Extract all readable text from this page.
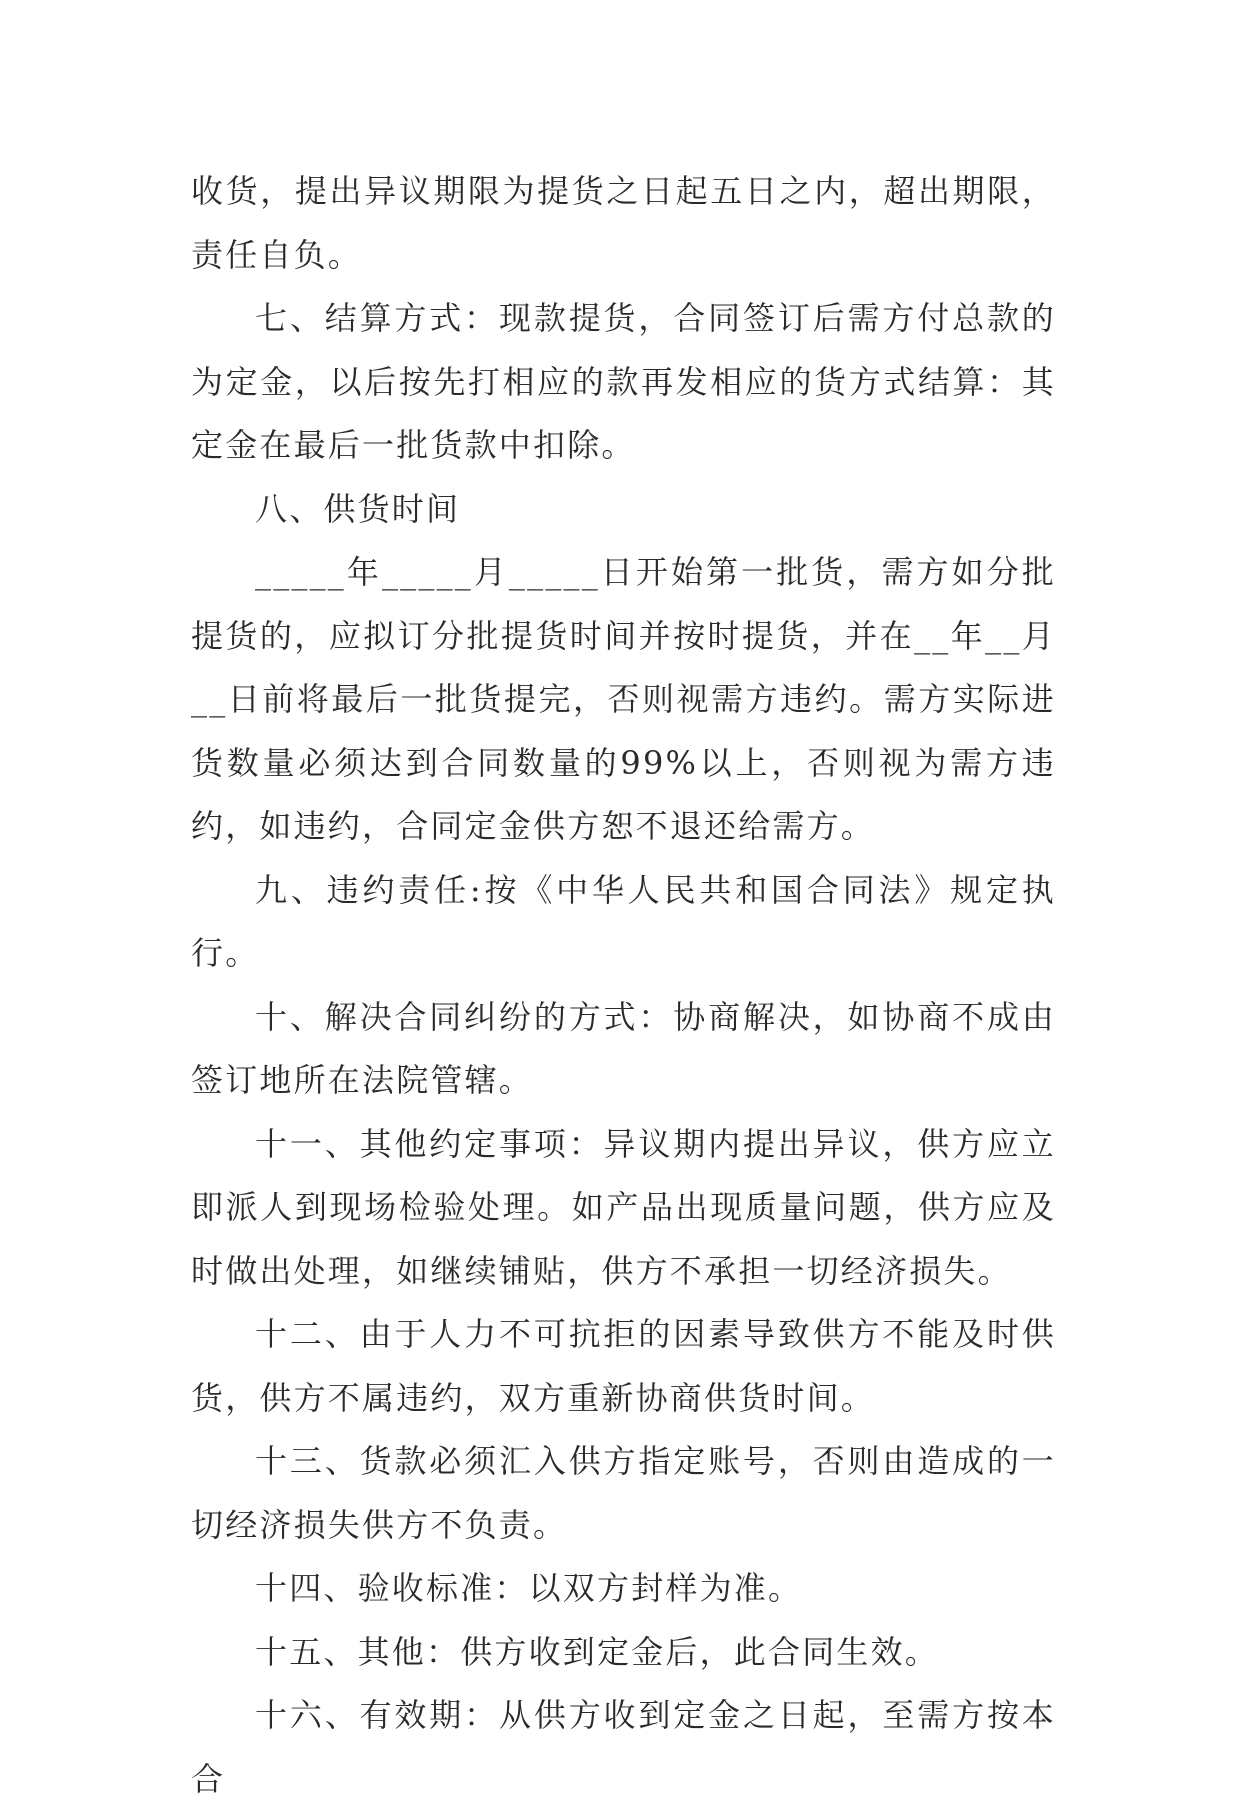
收货，提出异议期限为提货之日起五日之内，超出期限，责任自负。

七、结算方式：现款提货，合同签订后需方付总款的为定金，以后按先打相应的款再发相应的货方式结算：其定金在最后一批货款中扣除。

八、供货时间

_____年_____月_____日开始第一批货，需方如分批提货的，应拟订分批提货时间并按时提货，并在__年__月__日前将最后一批货提完，否则视需方违约。需方实际进货数量必须达到合同数量的99%以上，否则视为需方违约，如违约，合同定金供方恕不退还给需方。

九、违约责任:按《中华人民共和国合同法》规定执行。

十、解决合同纠纷的方式：协商解决，如协商不成由签订地所在法院管辖。

十一、其他约定事项：异议期内提出异议，供方应立即派人到现场检验处理。如产品出现质量问题，供方应及时做出处理，如继续铺贴，供方不承担一切经济损失。

十二、由于人力不可抗拒的因素导致供方不能及时供货，供方不属违约，双方重新协商供货时间。

十三、货款必须汇入供方指定账号，否则由造成的一切经济损失供方不负责。

十四、验收标准：以双方封样为准。

十五、其他：供方收到定金后，此合同生效。

十六、有效期：从供方收到定金之日起，至需方按本合
